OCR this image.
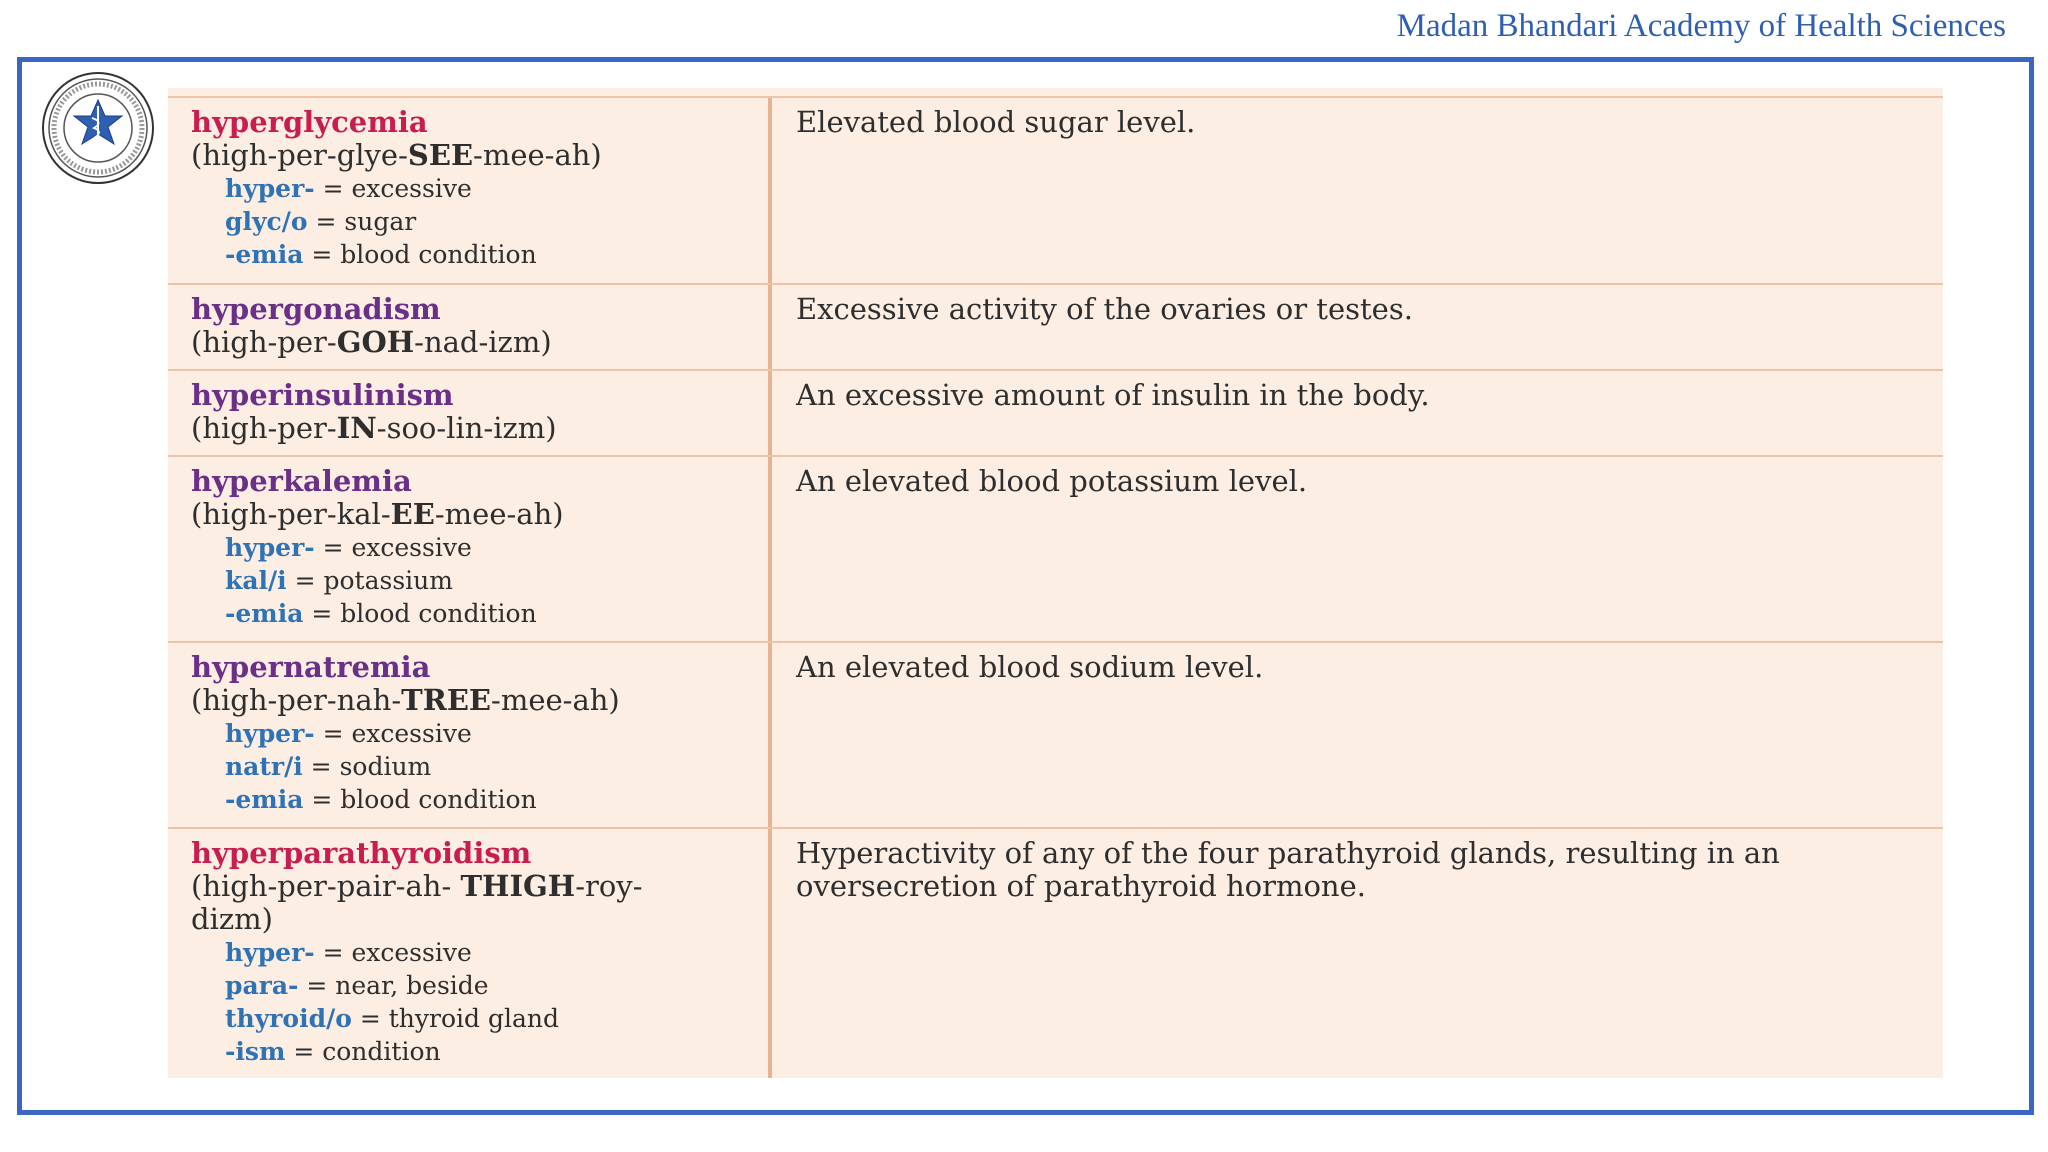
Madan Bhandari Academy of Health Sciences
hyperglycemia
(high-per-glye-SEE-mee-ah)
hyper- = excessive
glyc/o = sugar
-emia = blood condition
Elevated blood sugar level.
hypergonadism
(high-per-GOH-nad-izm)
Excessive activity of the ovaries or testes.
hyperinsulinism
(high-per-IN-soo-lin-izm)
An excessive amount of insulin in the body.
hyperkalemia
(high-per-kal-EE-mee-ah)
hyper- = excessive
kal/i = potassium
-emia = blood condition
An elevated blood potassium level.
hypernatremia
(high-per-nah-TREE-mee-ah)
hyper- = excessive
natr/i = sodium
-emia = blood condition
An elevated blood sodium level.
hyperparathyroidism
(high-per-pair-ah- THIGH-roy-dizm)
hyper- = excessive
para- = near, beside
thyroid/o = thyroid gland
-ism = condition
Hyperactivity of any of the four parathyroid glands, resulting in an oversecretion of parathyroid hormone.
